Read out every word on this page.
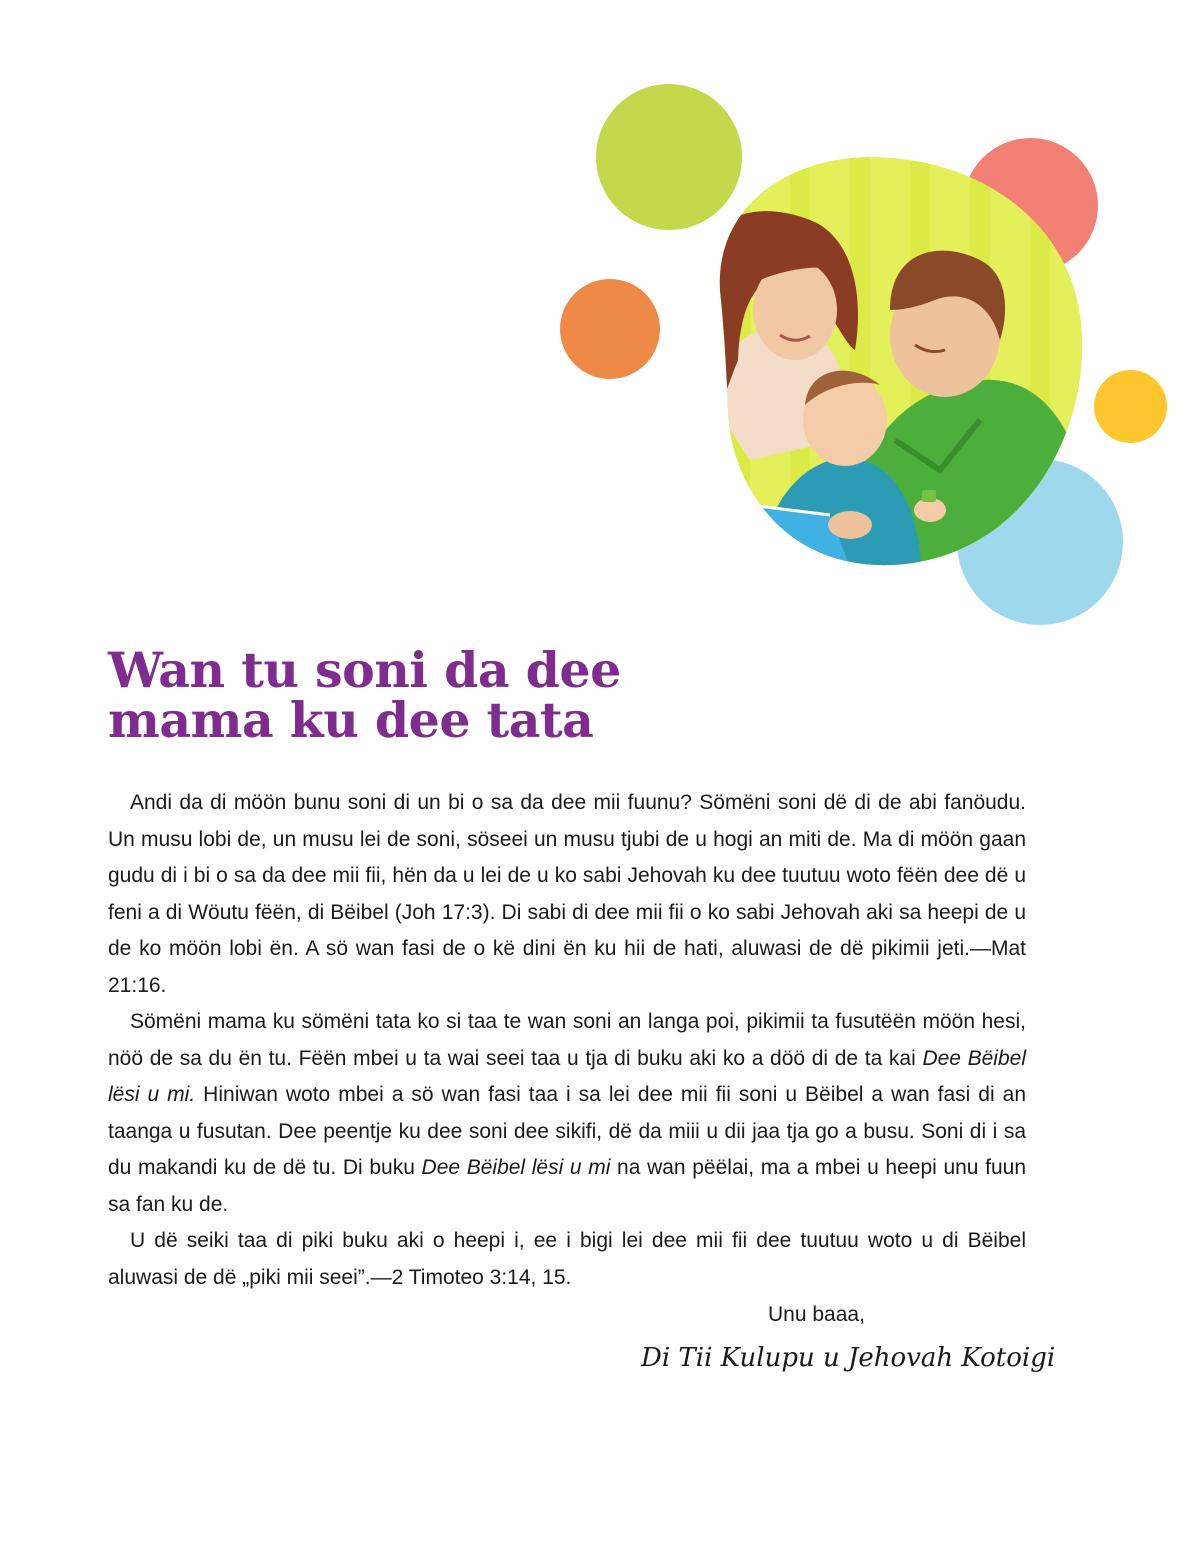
Wan tu soni da dee
mama ku dee tata

Andi da di möön bunu soni di un bi o sa da dee mii fuunu? Sömëni soni dë di de abi fanöudu. Un musu lobi de, un musu lei de soni, söseei un musu tjubi de u hogi an miti de. Ma di möön gaan gudu di i bi o sa da dee mii fii, hën da u lei de u ko sabi Jehovah ku dee tuutuu woto fëën dee dë u feni a di Wöutu fëën, di Bëibel (Joh 17:3). Di sabi di dee mii fii o ko sabi Jehovah aki sa heepi de u de ko möön lobi ën. A sö wan fasi de o kë dini ën ku hii de hati, aluwasi de dë pikimii jeti.—Mat 21:16.

Sömëni mama ku sömëni tata ko si taa te wan soni an langa poi, pikimii ta fusutëën möön hesi, nöö de sa du ën tu. Fëën mbei u ta wai seei taa u tja di buku aki ko a döö di de ta kai Dee Bëibel lësi u mi. Hiniwan woto mbei a sö wan fasi taa i sa lei dee mii fii soni u Bëibel a wan fasi di an taanga u fusutan. Dee peentje ku dee soni dee sikifi, dë da miii u dii jaa tja go a busu. Soni di i sa du makandi ku de dë tu. Di buku Dee Bëibel lësi u mi na wan pëëlai, ma a mbei u heepi unu fuun sa fan ku de.

U dë seiki taa di piki buku aki o heepi i, ee i bigi lei dee mii fii dee tuutuu woto u di Bëibel aluwasi de dë „piki mii seei”.—2 Timoteo 3:14, 15.

Unu baaa,
Di Tii Kulupu u Jehovah Kotoigi
